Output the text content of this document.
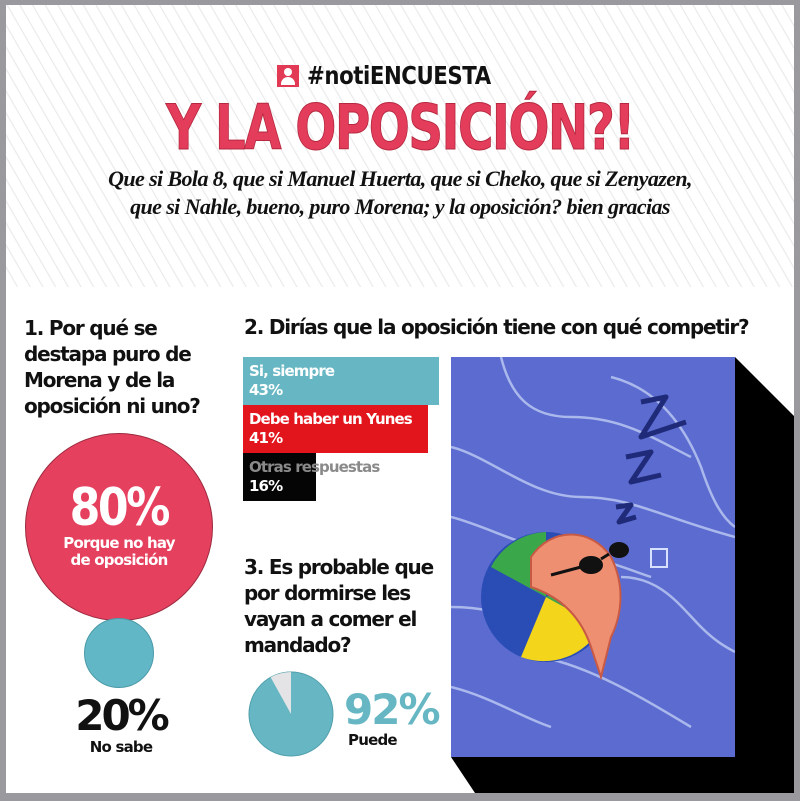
#notiENCUESTA
Y LA OPOSICIÓN?!
Que si Bola 8, que si Manuel Huerta, que si Cheko, que si Zenyazen,
que si Nahle, bueno, puro Morena; y la oposición? bien gracias
1. Por qué se destapa puro de Morena y de la oposición ni uno?
80%
Porque no hay de oposición
20%
No sabe
2. Dirías que la oposición tiene con qué competir?
Si, siempre
43%
Debe haber un Yunes
41%
Otras respuestas
16%
3. Es probable que por dormirse les vayan a comer el mandado?
92%
Puede
